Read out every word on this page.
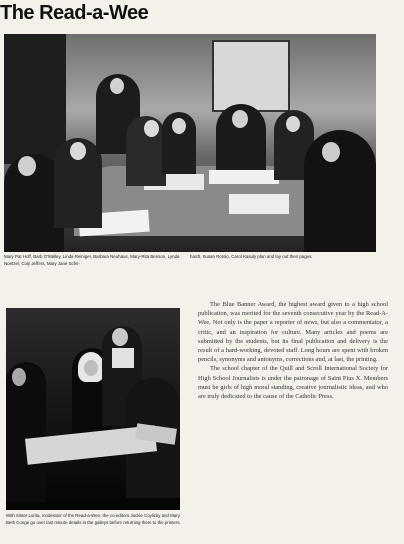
The Read-a-Wee
Mary Pat Hoff, Barb O'Malley, Linda Reiniger, Barbara Neuhaus, Mary-Rita Benson, Lynda Noetzel, Coly Jeffers, Mary Jane Schs-
hardt, Susan Rotolo, Carol Kasuly plan and lay out their pages.
With Sister Lorita, moderator of the Read-a-Wee, the co-editors Jackie Coylicky and Mary Beth Conge go over last minute details in the galleys before returning them to the printers.

The Blue Banner Award, the highest award given to a high school publication, was merited for the seventh consecutive year by the Read-A-Wee. Not only is the paper a reporter of news, but also a commentator, a critic, and an inspiration for culture. Many articles and poems are submitted by the students, but its final publication and delivery is the result of a hard-working, devoted staff. Long hours are spent with broken pencils, synonyms and antonyms, corrections and, at last, the printing.

The school chapter of the Quill and Scroll International Society for High School Journalists is under the patronage of Saint Pius X. Members must be girls of high moral standing, creative journalistic ideas, and who are truly dedicated to the cause of the Catholic Press.
